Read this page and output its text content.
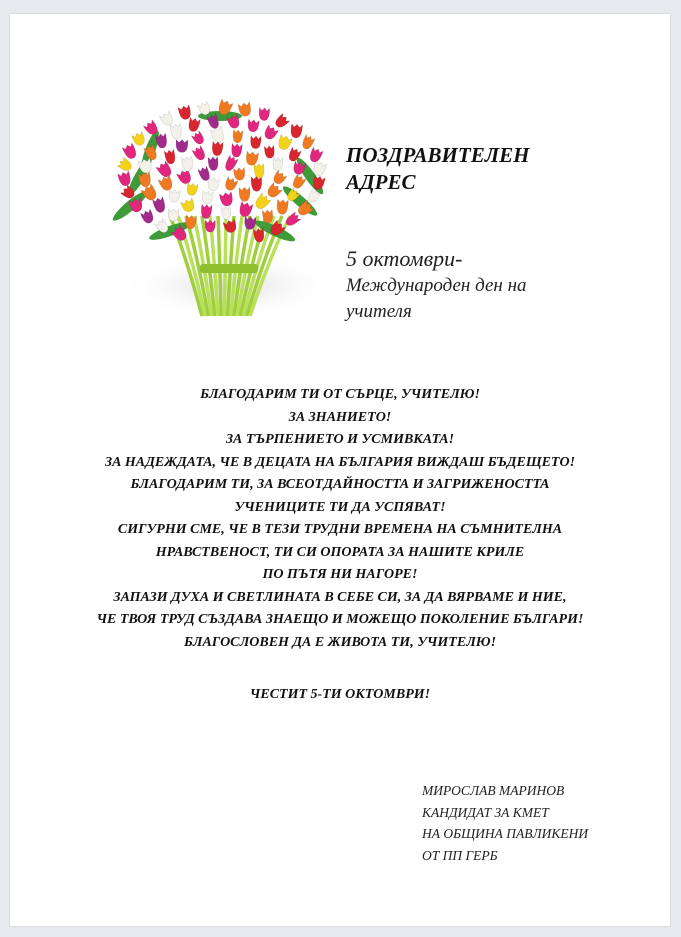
ПОЗДРАВИТЕЛЕН
АДРЕС
5 октомври-
Международен ден на учителя
БЛАГОДАРИМ ТИ ОТ СЪРЦЕ, УЧИТЕЛЮ!
ЗА ЗНАНИЕТО!
ЗА ТЪРПЕНИЕТО И УСМИВКАТА!
ЗА НАДЕЖДАТА, ЧЕ В ДЕЦАТА НА БЪЛГАРИЯ ВИЖДАШ БЪДЕЩЕТО!
БЛАГОДАРИМ ТИ, ЗА ВСЕОТДАЙНОСТТА И ЗАГРИЖЕНОСТТА
УЧЕНИЦИТЕ ТИ ДА УСПЯВАТ!
СИГУРНИ СМЕ, ЧЕ В ТЕЗИ ТРУДНИ ВРЕМЕНА НА СЪМНИТЕЛНА
НРАВСТВЕНОСТ, ТИ СИ ОПОРАТА ЗА НАШИТЕ КРИЛЕ
ПО ПЪТЯ НИ НАГОРЕ!
ЗАПАЗИ ДУХА И СВЕТЛИНАТА В СЕБЕ СИ, ЗА ДА ВЯРВАМЕ И НИЕ,
ЧЕ ТВОЯ ТРУД СЪЗДАВА ЗНАЕЩО И МОЖЕЩО ПОКОЛЕНИЕ БЪЛГАРИ!
БЛАГОСЛОВЕН ДА Е ЖИВОТА ТИ, УЧИТЕЛЮ!
ЧЕСТИТ 5-ТИ ОКТОМВРИ!
МИРОСЛАВ МАРИНОВ
КАНДИДАТ ЗА КМЕТ
НА ОБЩИНА ПАВЛИКЕНИ
ОТ ПП ГЕРБ
